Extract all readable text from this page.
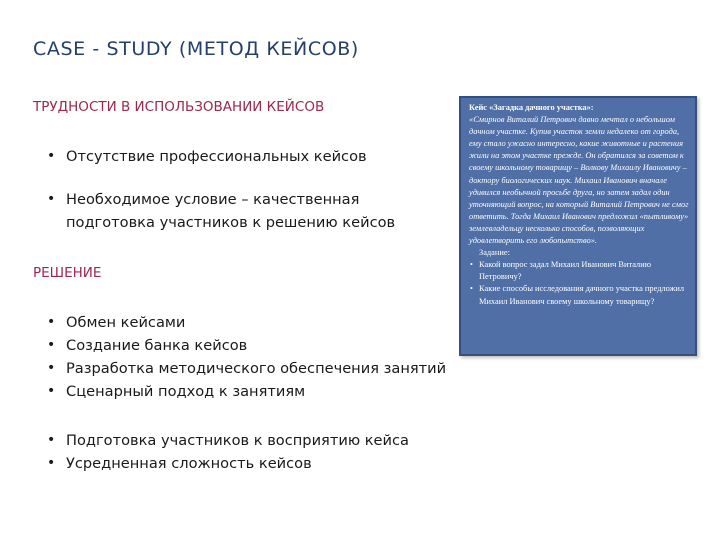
CASE - STUDY (МЕТОД КЕЙСОВ)
ТРУДНОСТИ В ИСПОЛЬЗОВАНИИ КЕЙСОВ
• Отсутствие профессиональных кейсов
• Необходимое условие – качественная
подготовка участников к решению кейсов
РЕШЕНИЕ
• Обмен кейсами
• Создание банка кейсов
• Разработка методического обеспечения занятий
• Сценарный подход к занятиям
• Подготовка участников к восприятию кейса
• Усредненная сложность кейсов
Кейс «Загадка дачного участка»:
«Смирнов Виталий Петрович давно мечтал о небольшом дачном участке. Купив участок земли недалеко от города, ему стало ужасно интересно, какие животные и растения жили на этом участке прежде. Он обратился за советом к своему школьному товарищу – Волкову Михаилу Ивановичу – доктору биологических наук. Михаил Иванович вначале удивился необычной просьбе друга, но затем задал один уточняющий вопрос, на который Виталий Петрович не смог ответить. Тогда Михаил Иванович предложил «пытливому» землевладельцу несколько способов, позволяющих удовлетворить его любопытство».
Задание:
• Какой вопрос задал Михаил Иванович Виталию Петровичу?
• Какие способы исследования дачного участка предложил Михаил Иванович своему школьному товарищу?
